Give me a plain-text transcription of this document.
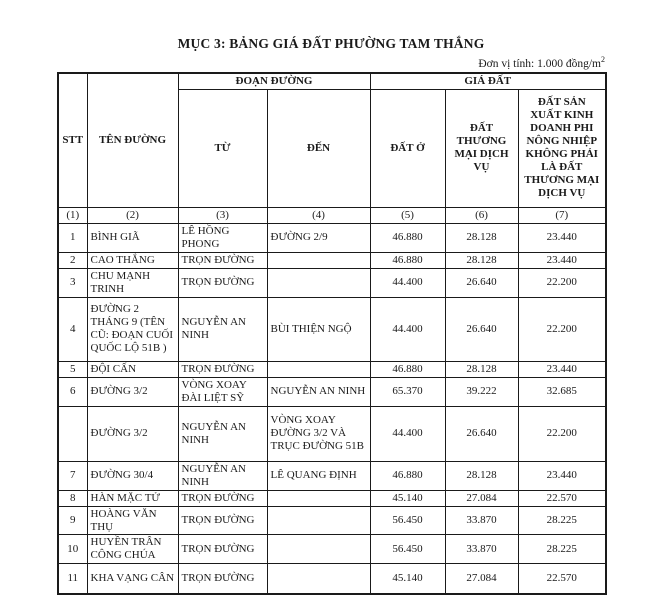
MỤC 3: BẢNG GIÁ ĐẤT PHƯỜNG TAM THẮNG

Đơn vị tính: 1.000 đồng/$m^2$

STT	TÊN ĐƯỜNG	ĐOẠN ĐƯỜNG		GIÁ ĐẤT		
		TỪ	ĐẾN	ĐẤT Ở	ĐẤT THƯƠNG MẠI DỊCH VỤ	ĐẤT SẢN XUẤT KINH DOANH PHI NÔNG NHIỆP KHÔNG PHẢI LÀ ĐẤT THƯƠNG MẠI DỊCH VỤ
(1)	(2)	(3)	(4)	(5)	(6)	(7)
1	BÌNH GIÃ	LÊ HỒNG PHONG	ĐƯỜNG 2/9	46.880	28.128	23.440
2	CAO THẮNG	TRỌN ĐƯỜNG		46.880	28.128	23.440
3	CHU MẠNH TRINH	TRỌN ĐƯỜNG		44.400	26.640	22.200
4	ĐƯỜNG 2 THÁNG 9 (TÊN CŨ: ĐOẠN CUỐI QUỐC LỘ 51B )	NGUYỄN AN NINH	BÙI THIỆN NGỘ	44.400	26.640	22.200
5	ĐỘI CẤN	TRỌN ĐƯỜNG		46.880	28.128	23.440
6	ĐƯỜNG 3/2	VÒNG XOAY ĐÀI LIỆT SỸ	NGUYỄN AN NINH	65.370	39.222	32.685
	ĐƯỜNG 3/2	NGUYỄN AN NINH	VÒNG XOAY ĐƯỜNG 3/2 VÀ TRỤC ĐƯỜNG 51B	44.400	26.640	22.200
7	ĐƯỜNG 30/4	NGUYỄN AN NINH	LÊ QUANG ĐỊNH	46.880	28.128	23.440
8	HÀN MẶC TỬ	TRỌN ĐƯỜNG		45.140	27.084	22.570
9	HOÀNG VĂN THỤ	TRỌN ĐƯỜNG		56.450	33.870	28.225
10	HUYỀN TRÂN CÔNG CHÚA	TRỌN ĐƯỜNG		56.450	33.870	28.225
11	KHA VẠNG CÂN	TRỌN ĐƯỜNG		45.140	27.084	22.570
